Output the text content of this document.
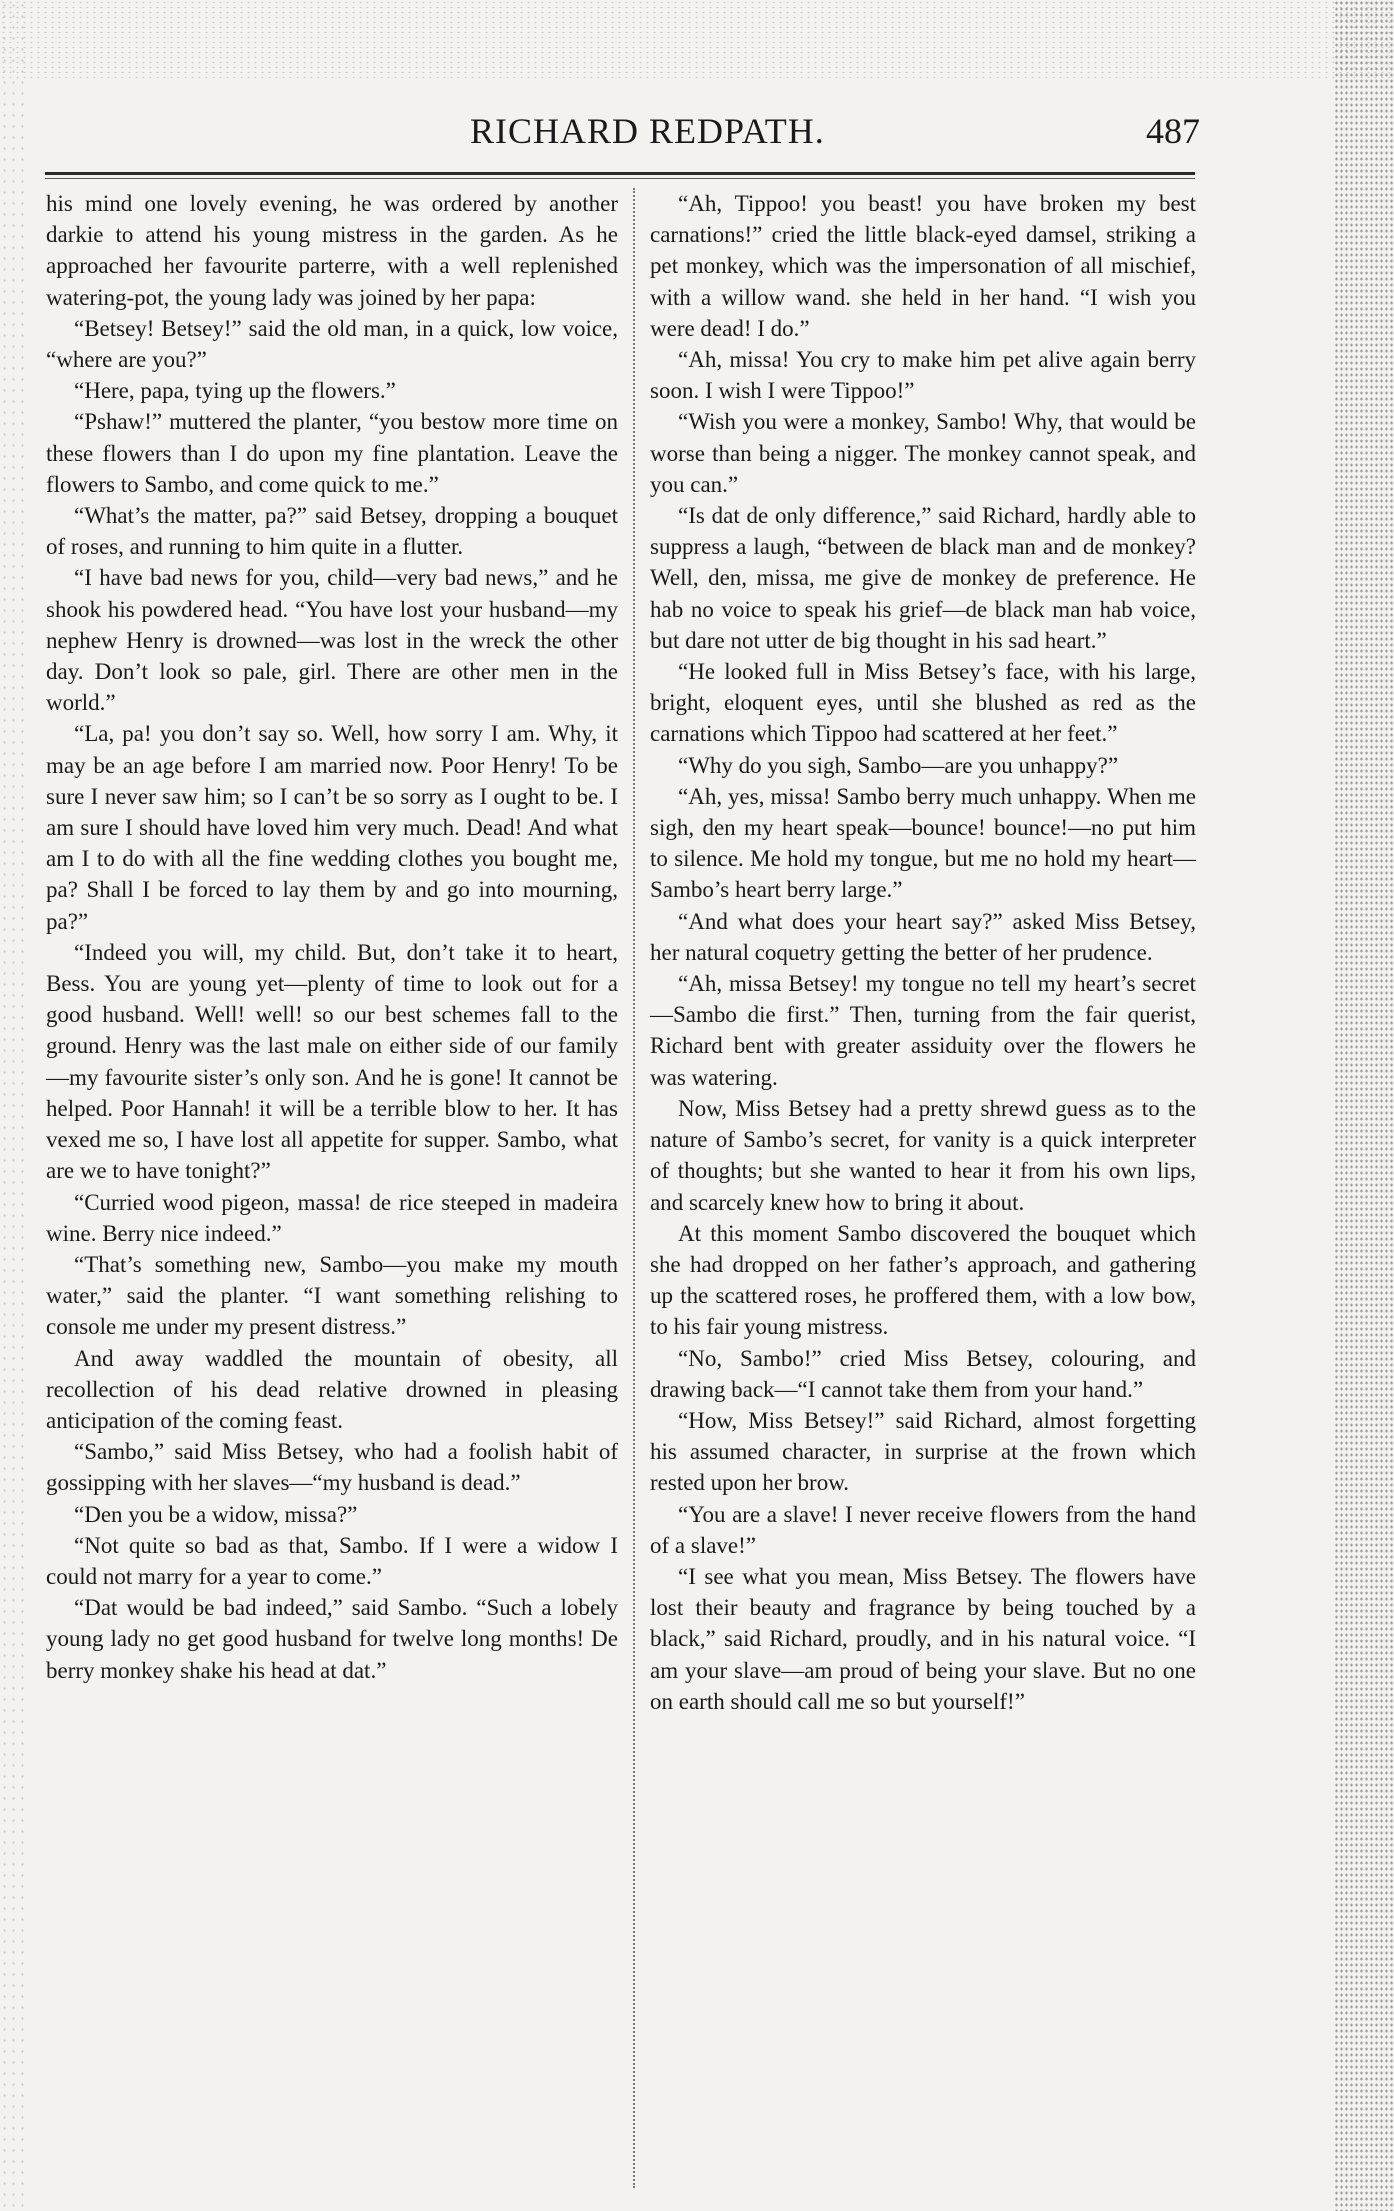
RICHARD REDPATH.	487

his mind one lovely evening, he was ordered by another darkie to attend his young mistress in the garden. As he approached her favourite parterre, with a well replenished watering-pot, the young lady was joined by her papa:

“Betsey! Betsey!” said the old man, in a quick, low voice, “where are you?”

“Here, papa, tying up the flowers.”

“Pshaw!” muttered the planter, “you bestow more time on these flowers than I do upon my fine plantation. Leave the flowers to Sambo, and come quick to me.”

“What’s the matter, pa?” said Betsey, dropping a bouquet of roses, and running to him quite in a flutter.

“I have bad news for you, child—very bad news,” and he shook his powdered head. “You have lost your husband—my nephew Henry is drowned—was lost in the wreck the other day. Don’t look so pale, girl. There are other men in the world.”

“La, pa! you don’t say so. Well, how sorry I am. Why, it may be an age before I am married now. Poor Henry! To be sure I never saw him; so I can’t be so sorry as I ought to be. I am sure I should have loved him very much. Dead! And what am I to do with all the fine wedding clothes you bought me, pa? Shall I be forced to lay them by and go into mourning, pa?”

“Indeed you will, my child. But, don’t take it to heart, Bess. You are young yet—plenty of time to look out for a good husband. Well! well! so our best schemes fall to the ground. Henry was the last male on either side of our family—my favourite sister’s only son. And he is gone! It cannot be helped. Poor Hannah! it will be a terrible blow to her. It has vexed me so, I have lost all appetite for supper. Sambo, what are we to have tonight?”

“Curried wood pigeon, massa! de rice steeped in madeira wine. Berry nice indeed.”

“That’s something new, Sambo—you make my mouth water,” said the planter. “I want something relishing to console me under my present distress.”

And away waddled the mountain of obesity, all recollection of his dead relative drowned in pleasing anticipation of the coming feast.

“Sambo,” said Miss Betsey, who had a foolish habit of gossipping with her slaves—“my husband is dead.”

“Den you be a widow, missa?”

“Not quite so bad as that, Sambo. If I were a widow I could not marry for a year to come.”

“Dat would be bad indeed,” said Sambo. “Such a lobely young lady no get good husband for twelve long months! De berry monkey shake his head at dat.”

“Ah, Tippoo! you beast! you have broken my best carnations!” cried the little black-eyed damsel, striking a pet monkey, which was the impersonation of all mischief, with a willow wand. she held in her hand. “I wish you were dead! I do.”

“Ah, missa! You cry to make him pet alive again berry soon. I wish I were Tippoo!”

“Wish you were a monkey, Sambo! Why, that would be worse than being a nigger. The monkey cannot speak, and you can.”

“Is dat de only difference,” said Richard, hardly able to suppress a laugh, “between de black man and de monkey? Well, den, missa, me give de monkey de preference. He hab no voice to speak his grief—de black man hab voice, but dare not utter de big thought in his sad heart.”

“He looked full in Miss Betsey’s face, with his large, bright, eloquent eyes, until she blushed as red as the carnations which Tippoo had scattered at her feet.”

“Why do you sigh, Sambo—are you unhappy?”

“Ah, yes, missa! Sambo berry much unhappy. When me sigh, den my heart speak—bounce! bounce!—no put him to silence. Me hold my tongue, but me no hold my heart—Sambo’s heart berry large.”

“And what does your heart say?” asked Miss Betsey, her natural coquetry getting the better of her prudence.

“Ah, missa Betsey! my tongue no tell my heart’s secret—Sambo die first.” Then, turning from the fair querist, Richard bent with greater assiduity over the flowers he was watering.

Now, Miss Betsey had a pretty shrewd guess as to the nature of Sambo’s secret, for vanity is a quick interpreter of thoughts; but she wanted to hear it from his own lips, and scarcely knew how to bring it about.

At this moment Sambo discovered the bouquet which she had dropped on her father’s approach, and gathering up the scattered roses, he proffered them, with a low bow, to his fair young mistress.

“No, Sambo!” cried Miss Betsey, colouring, and drawing back—“I cannot take them from your hand.”

“How, Miss Betsey!” said Richard, almost forgetting his assumed character, in surprise at the frown which rested upon her brow.

“You are a slave! I never receive flowers from the hand of a slave!”

“I see what you mean, Miss Betsey. The flowers have lost their beauty and fragrance by being touched by a black,” said Richard, proudly, and in his natural voice. “I am your slave—am proud of being your slave. But no one on earth should call me so but yourself!”
